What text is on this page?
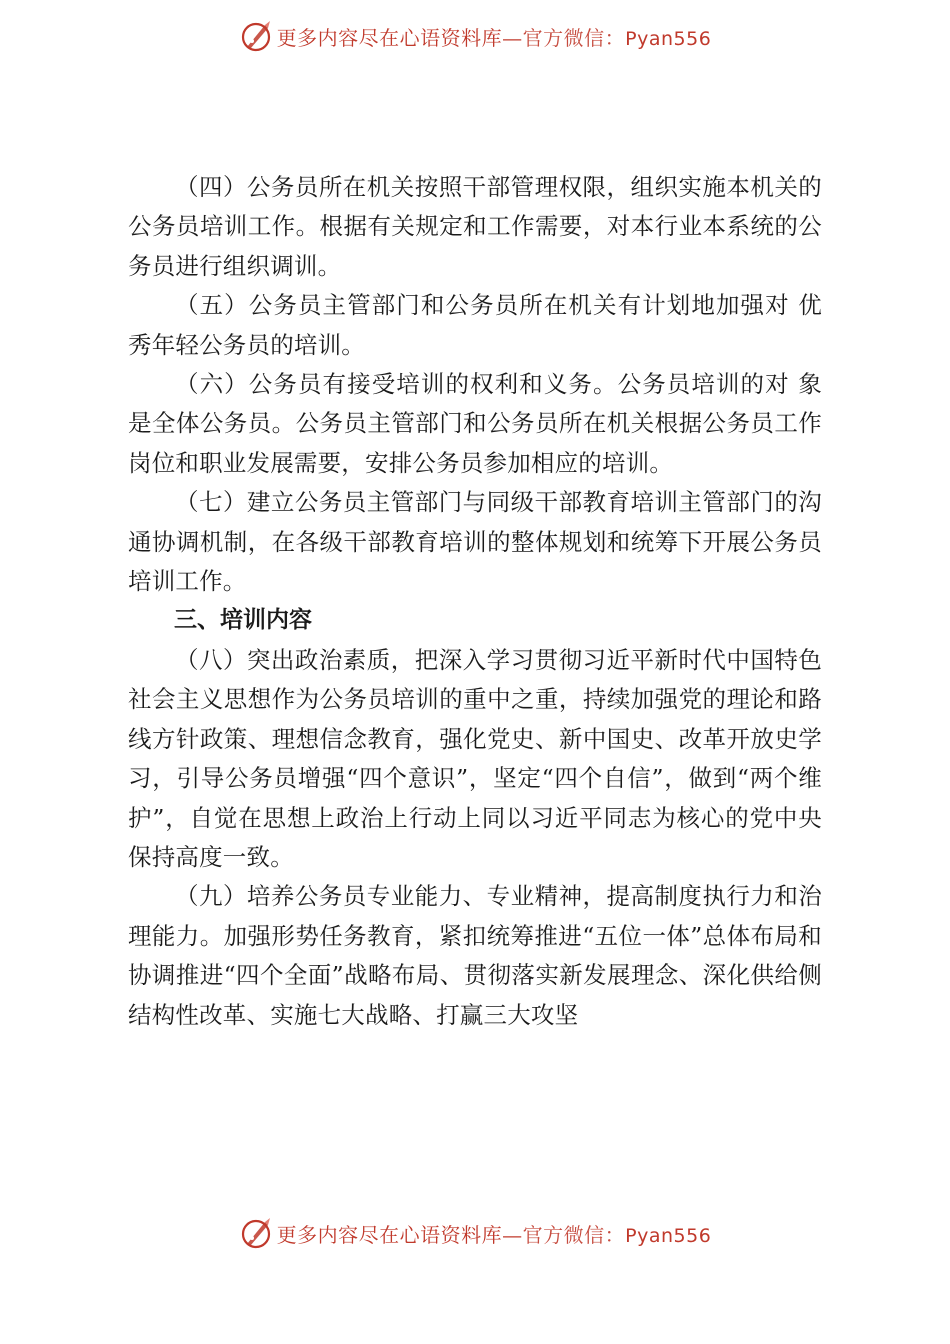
更多内容尽在心语资料库—官方微信：Pyan556

（四）公务员所在机关按照干部管理权限，组织实施本机关的公务员培训工作。根据有关规定和工作需要，对本行业本系统的公务员进行组织调训。

（五）公务员主管部门和公务员所在机关有计划地加强对 优秀年轻公务员的培训。

（六）公务员有接受培训的权利和义务。公务员培训的对 象是全体公务员。公务员主管部门和公务员所在机关根据公务员工作岗位和职业发展需要，安排公务员参加相应的培训。

（七）建立公务员主管部门与同级干部教育培训主管部门的沟通协调机制，在各级干部教育培训的整体规划和统筹下开展公务员培训工作。

三、培训内容

（八）突出政治素质，把深入学习贯彻习近平新时代中国特色社会主义思想作为公务员培训的重中之重，持续加强党的理论和路线方针政策、理想信念教育，强化党史、新中国史、改革开放史学习，引导公务员增强“四个意识”，坚定“四个自信”，做到“两个维护”，自觉在思想上政治上行动上同以习近平同志为核心的党中央保持高度一致。

（九）培养公务员专业能力、专业精神，提高制度执行力和治理能力。加强形势任务教育，紧扣统筹推进“五位一体”总体布局和协调推进“四个全面”战略布局、贯彻落实新发展理念、深化供给侧结构性改革、实施七大战略、打赢三大攻坚

更多内容尽在心语资料库—官方微信：Pyan556
